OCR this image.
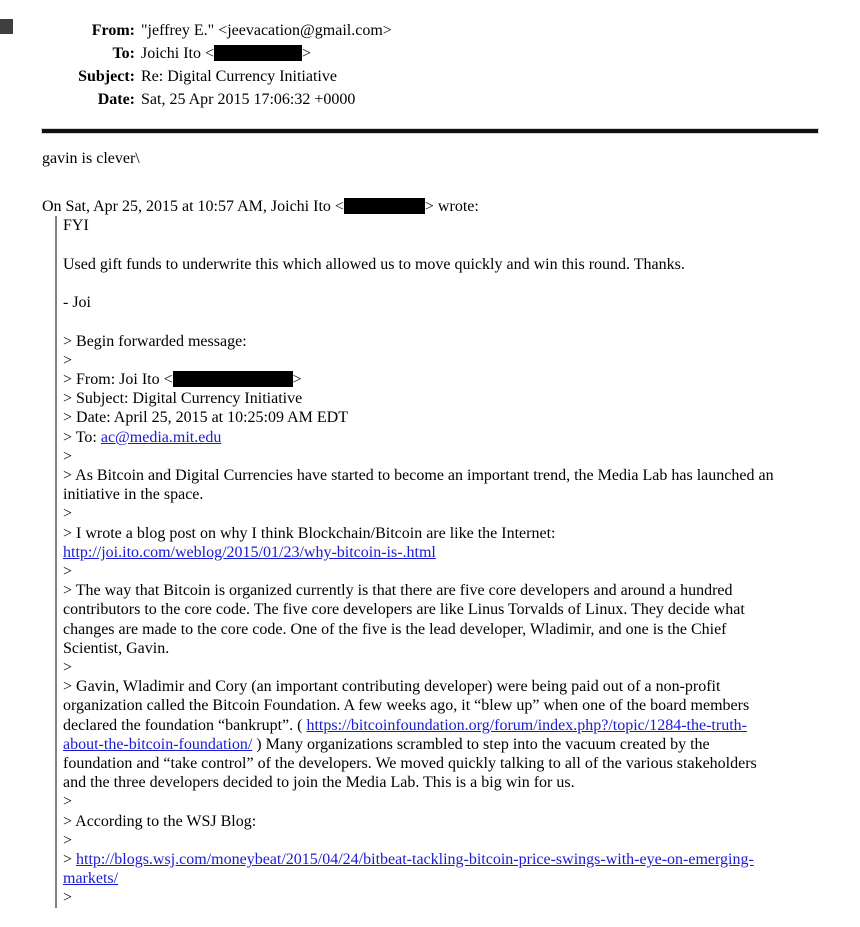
From: "jeffrey E." <jeevacation@gmail.com>
To: Joichi Ito <	>
Subject: Re: Digital Currency Initiative
Date: Sat, 25 Apr 2015 17:06:32 +0000
gavin is clever\
On Sat, Apr 25, 2015 at 10:57 AM, Joichi Ito <	> wrote:
FYI
Used gift funds to underwrite this which allowed us to move quickly and win this round. Thanks.
- Joi
> Begin forwarded message:
>
> From: Joi Ito <	>
> Subject: Digital Currency Initiative
> Date: April 25, 2015 at 10:25:09 AM EDT
> To: ac@media.mit.edu
>
> As Bitcoin and Digital Currencies have started to become an important trend, the Media Lab has launched an
initiative in the space.
>
> I wrote a blog post on why I think Blockchain/Bitcoin are like the Internet:
http://joi.ito.com/weblog/2015/01/23/why-bitcoin-is-.html
>
> The way that Bitcoin is organized currently is that there are five core developers and around a hundred
contributors to the core code. The five core developers are like Linus Torvalds of Linux. They decide what
changes are made to the core code. One of the five is the lead developer, Wladimir, and one is the Chief
Scientist, Gavin.
>
> Gavin, Wladimir and Cory (an important contributing developer) were being paid out of a non-profit
organization called the Bitcoin Foundation. A few weeks ago, it “blew up” when one of the board members
declared the foundation “bankrupt”. ( https://bitcoinfoundation.org/forum/index.php?/topic/1284-the-truth-
about-the-bitcoin-foundation/ ) Many organizations scrambled to step into the vacuum created by the
foundation and “take control” of the developers. We moved quickly talking to all of the various stakeholders
and the three developers decided to join the Media Lab. This is a big win for us.
>
> According to the WSJ Blog:
>
> http://blogs.wsj.com/moneybeat/2015/04/24/bitbeat-tackling-bitcoin-price-swings-with-eye-on-emerging-
markets/
>
